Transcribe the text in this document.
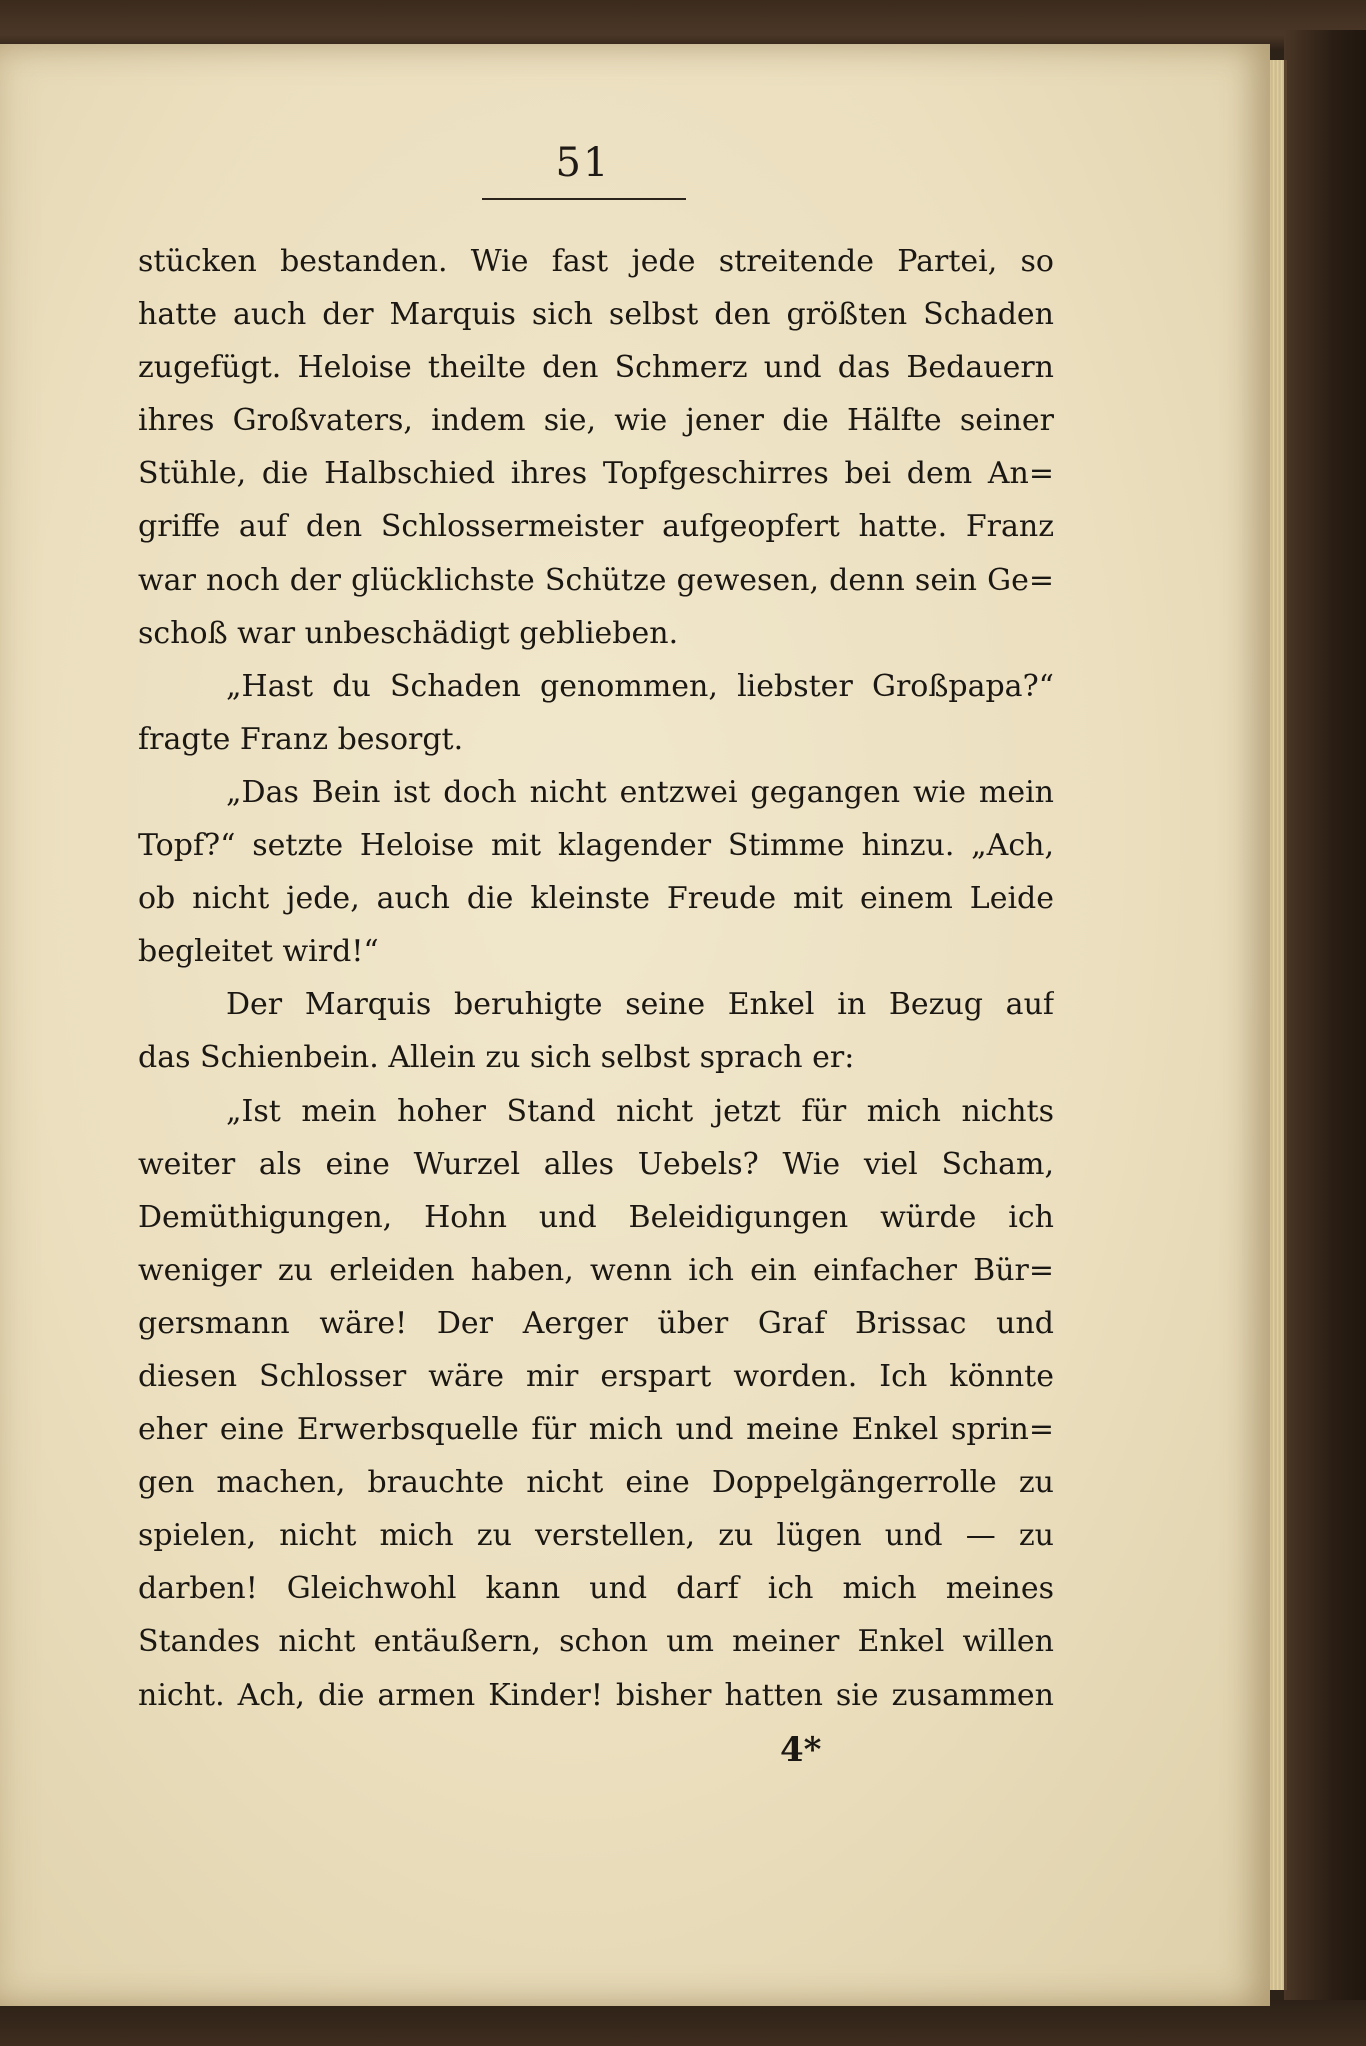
51
stücken bestanden. Wie fast jede streitende Partei, so
hatte auch der Marquis sich selbst den größten Schaden
zugefügt. Heloise theilte den Schmerz und das Bedauern
ihres Großvaters, indem sie, wie jener die Hälfte seiner
Stühle, die Halbschied ihres Topfgeschirres bei dem An=
griffe auf den Schlossermeister aufgeopfert hatte. Franz
war noch der glücklichste Schütze gewesen, denn sein Ge=
schoß war unbeschädigt geblieben.
„Hast du Schaden genommen, liebster Großpapa?“
fragte Franz besorgt.
„Das Bein ist doch nicht entzwei gegangen wie mein
Topf?“ setzte Heloise mit klagender Stimme hinzu. „Ach,
ob nicht jede, auch die kleinste Freude mit einem Leide
begleitet wird!“
Der Marquis beruhigte seine Enkel in Bezug auf
das Schienbein. Allein zu sich selbst sprach er:
„Ist mein hoher Stand nicht jetzt für mich nichts
weiter als eine Wurzel alles Uebels? Wie viel Scham,
Demüthigungen, Hohn und Beleidigungen würde ich
weniger zu erleiden haben, wenn ich ein einfacher Bür=
gersmann wäre! Der Aerger über Graf Brissac und
diesen Schlosser wäre mir erspart worden. Ich könnte
eher eine Erwerbsquelle für mich und meine Enkel sprin=
gen machen, brauchte nicht eine Doppelgängerrolle zu
spielen, nicht mich zu verstellen, zu lügen und — zu
darben! Gleichwohl kann und darf ich mich meines
Standes nicht entäußern, schon um meiner Enkel willen
nicht. Ach, die armen Kinder! bisher hatten sie zusammen
4*
